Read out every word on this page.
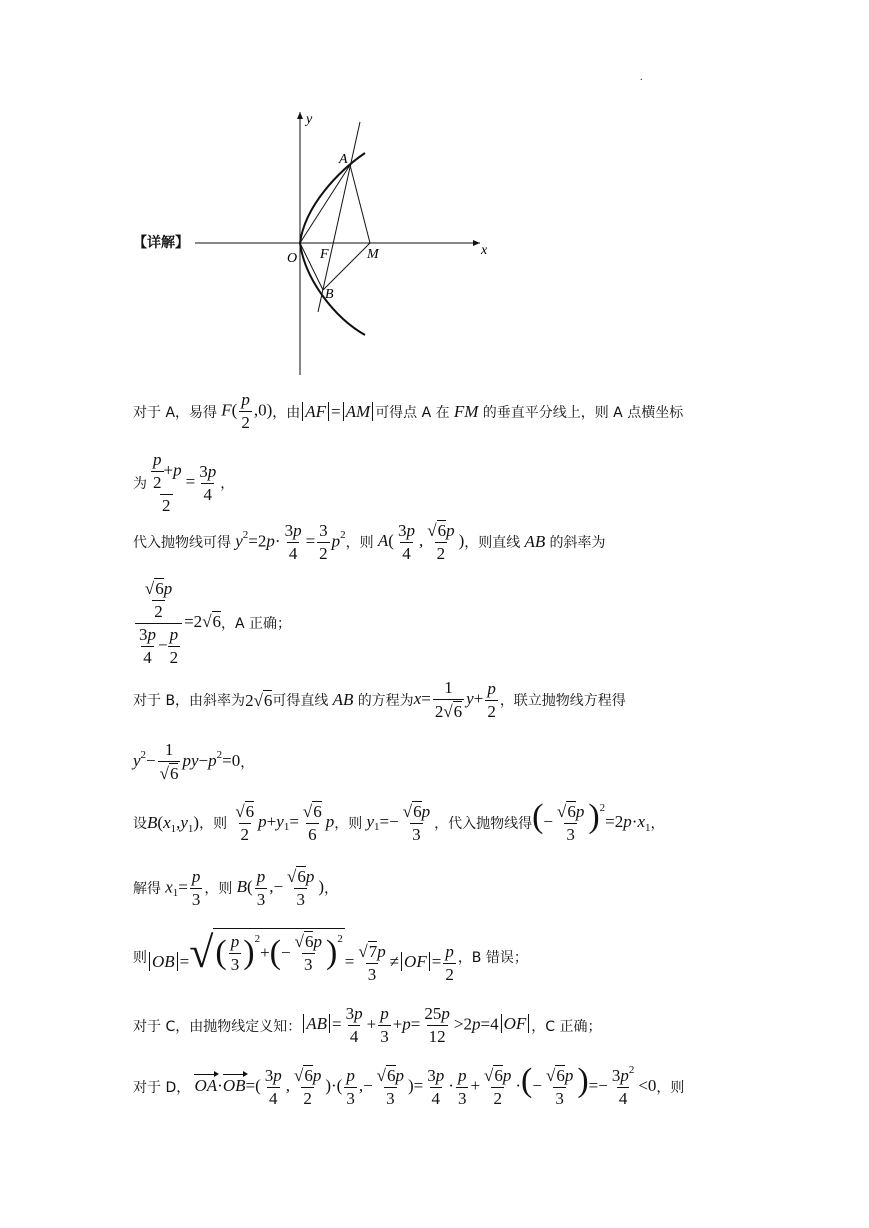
.
【详解】
y
x
A
O F	M
B
对于 A，易得 $F( \frac{p}{2} ,0)$ ，由 AF = AM 可得点 A 在 FM 的垂直平分线上，则 A 点横坐标
为 $\frac{\frac{p}{2} +p}{2} = \frac{3p}{4}$ ，
代入抛物线可得 $y^2=2p\cdot \frac{3p}{4} = \frac{3}{2} p^2$
，则 $A( \frac{3p}{4}$ , $\frac{√ 6 p}{2}$ ) ，则直线 AB 的斜率为
$\frac{\frac{√ 6 p}{2}}{\frac{3p}{4} - \frac{p}{2}} =2$ √ 6 ，A 正确；
对于 B，由斜率为 2 √ 6 可得直线 AB 的方程为 $x= \frac{1}{2 √ 6} y+ \frac{p}{2}$ ，联立抛物线方程得
$y^2- \frac{1}{√ 6} py-p^2=0$ ，
设 $B(x_1,y_1)$ ，则
$\frac{√ 6}{2} p+y_1= \frac{√ 6}{6}$ p ，则 $y_1=- \frac{√ 6 p}{3}$ ，代入抛物线得 (− $\frac{√ 6 p}{3} )^2=2p\cdot x_1$ ，
解得 $x_1= \frac{p}{3}$ ，则 $B( \frac{p}{3}$ ,− $\frac{√ 6 p}{3}$ ) ，
则 OB = √ ( $\frac{p}{3}$ ) 2
+ ( − $\frac{√ 6 p}{3}$ ) 2
= $\frac{√ 7 p}{3}$ ≠ OF = $\frac{p}{2}$ ，B 错误；
对于 C，由抛物线定义知： AB = $\frac{3p}{4} + \frac{p}{3} +p= \frac{25p}{12} >2p=4$ OF ，C 正确；
对于 D， $OA\cdot OB=( \frac{3p}{4}$ , $\frac{√ 6 p}{2}$ )·( $\frac{p}{3}$ ,− $\frac{√ 6 p}{3}$ )= $\frac{3p}{4} \cdot \frac{p}{3} + \frac{√ 6 p}{2}$ ·(− $\frac{√ 6 p}{3}$ )=− $\frac{3p^2}{4} <0$ ，则
